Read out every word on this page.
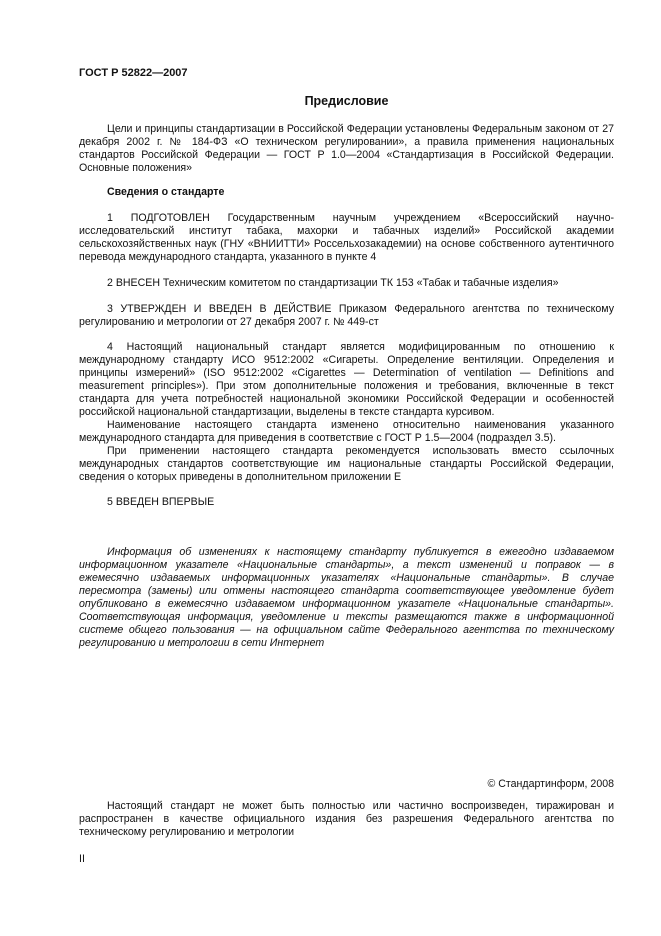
ГОСТ Р 52822—2007
Предисловие

Цели и принципы стандартизации в Российской Федерации установлены Федеральным законом от 27 декабря 2002 г. № 184-ФЗ «О техническом регулировании», а правила применения национальных стандартов Российской Федерации — ГОСТ Р 1.0—2004 «Стандартизация в Российской Федерации. Основные положения»

Сведения о стандарте

1 ПОДГОТОВЛЕН Государственным научным учреждением «Всероссийский научно-исследовательский институт табака, махорки и табачных изделий» Российской академии сельскохозяйственных наук (ГНУ «ВНИИТТИ» Россельхозакадемии) на основе собственного аутентичного перевода международного стандарта, указанного в пункте 4

2 ВНЕСЕН Техническим комитетом по стандартизации ТК 153 «Табак и табачные изделия»

3 УТВЕРЖДЕН И ВВЕДЕН В ДЕЙСТВИЕ Приказом Федерального агентства по техническому регулированию и метрологии от 27 декабря 2007 г. № 449-ст

4 Настоящий национальный стандарт является модифицированным по отношению к международному стандарту ИСО 9512:2002 «Сигареты. Определение вентиляции. Определения и принципы измерений» (ISO 9512:2002 «Cigarettes — Determination of ventilation — Definitions and measurement principles»). При этом дополнительные положения и требования, включенные в текст стандарта для учета потребностей национальной экономики Российской Федерации и особенностей российской национальной стандартизации, выделены в тексте стандарта курсивом.

Наименование настоящего стандарта изменено относительно наименования указанного международного стандарта для приведения в соответствие с ГОСТ Р 1.5—2004 (подраздел 3.5).

При применении настоящего стандарта рекомендуется использовать вместо ссылочных международных стандартов соответствующие им национальные стандарты Российской Федерации, сведения о которых приведены в дополнительном приложении Е

5 ВВЕДЕН ВПЕРВЫЕ

Информация об изменениях к настоящему стандарту публикуется в ежегодно издаваемом информационном указателе «Национальные стандарты», а текст изменений и поправок — в ежемесячно издаваемых информационных указателях «Национальные стандарты». В случае пересмотра (замены) или отмены настоящего стандарта соответствующее уведомление будет опубликовано в ежемесячно издаваемом информационном указателе «Национальные стандарты». Соответствующая информация, уведомление и тексты размещаются также в информационной системе общего пользования — на официальном сайте Федерального агентства по техническому регулированию и метрологии в сети Интернет

© Стандартинформ, 2008

Настоящий стандарт не может быть полностью или частично воспроизведен, тиражирован и распространен в качестве официального издания без разрешения Федерального агентства по техническому регулированию и метрологии

II
